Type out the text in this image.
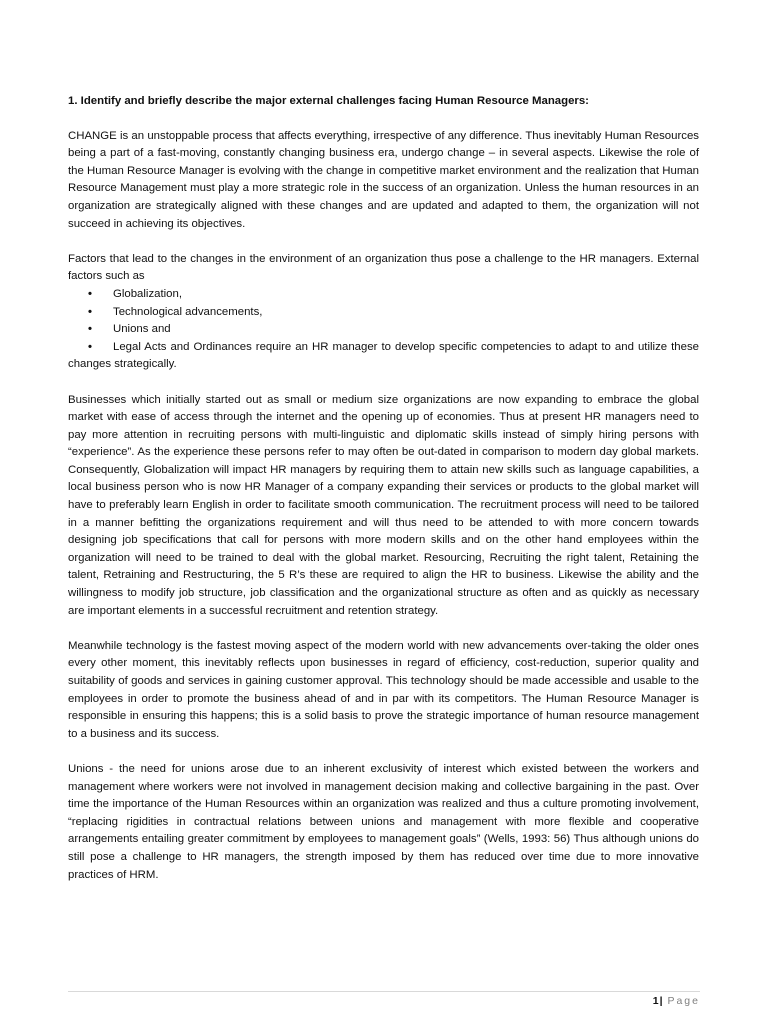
1. Identify and briefly describe the major external challenges facing Human Resource Managers:

CHANGE is an unstoppable process that affects everything, irrespective of any difference. Thus inevitably Human Resources being a part of a fast-moving, constantly changing business era, undergo change – in several aspects. Likewise the role of the Human Resource Manager is evolving with the change in competitive market environment and the realization that Human Resource Management must play a more strategic role in the success of an organization. Unless the human resources in an organization are strategically aligned with these changes and are updated and adapted to them, the organization will not succeed in achieving its objectives.

Factors that lead to the changes in the environment of an organization thus pose a challenge to the HR managers. External factors such as

• Globalization,
• Technological advancements,
• Unions and
• Legal Acts and Ordinances require an HR manager to develop specific competencies to adapt to and utilize these changes strategically.

Businesses which initially started out as small or medium size organizations are now expanding to embrace the global market with ease of access through the internet and the opening up of economies. Thus at present HR managers need to pay more attention in recruiting persons with multi-linguistic and diplomatic skills instead of simply hiring persons with “experience”. As the experience these persons refer to may often be out-dated in comparison to modern day global markets. Consequently, Globalization will impact HR managers by requiring them to attain new skills such as language capabilities, a local business person who is now HR Manager of a company expanding their services or products to the global market will have to preferably learn English in order to facilitate smooth communication. The recruitment process will need to be tailored in a manner befitting the organizations requirement and will thus need to be attended to with more concern towards designing job specifications that call for persons with more modern skills and on the other hand employees within the organization will need to be trained to deal with the global market. Resourcing, Recruiting the right talent, Retaining the talent, Retraining and Restructuring, the 5 R’s these are required to align the HR to business. Likewise the ability and the willingness to modify job structure, job classification and the organizational structure as often and as quickly as necessary are important elements in a successful recruitment and retention strategy.

Meanwhile technology is the fastest moving aspect of the modern world with new advancements over-taking the older ones every other moment, this inevitably reflects upon businesses in regard of efficiency, cost-reduction, superior quality and suitability of goods and services in gaining customer approval. This technology should be made accessible and usable to the employees in order to promote the business ahead of and in par with its competitors. The Human Resource Manager is responsible in ensuring this happens; this is a solid basis to prove the strategic importance of human resource management to a business and its success.

Unions - the need for unions arose due to an inherent exclusivity of interest which existed between the workers and management where workers were not involved in management decision making and collective bargaining in the past. Over time the importance of the Human Resources within an organization was realized and thus a culture promoting involvement, “replacing rigidities in contractual relations between unions and management with more flexible and cooperative arrangements entailing greater commitment by employees to management goals” (Wells, 1993: 56) Thus although unions do still pose a challenge to HR managers, the strength imposed by them has reduced over time due to more innovative practices of HRM.

1| Page
